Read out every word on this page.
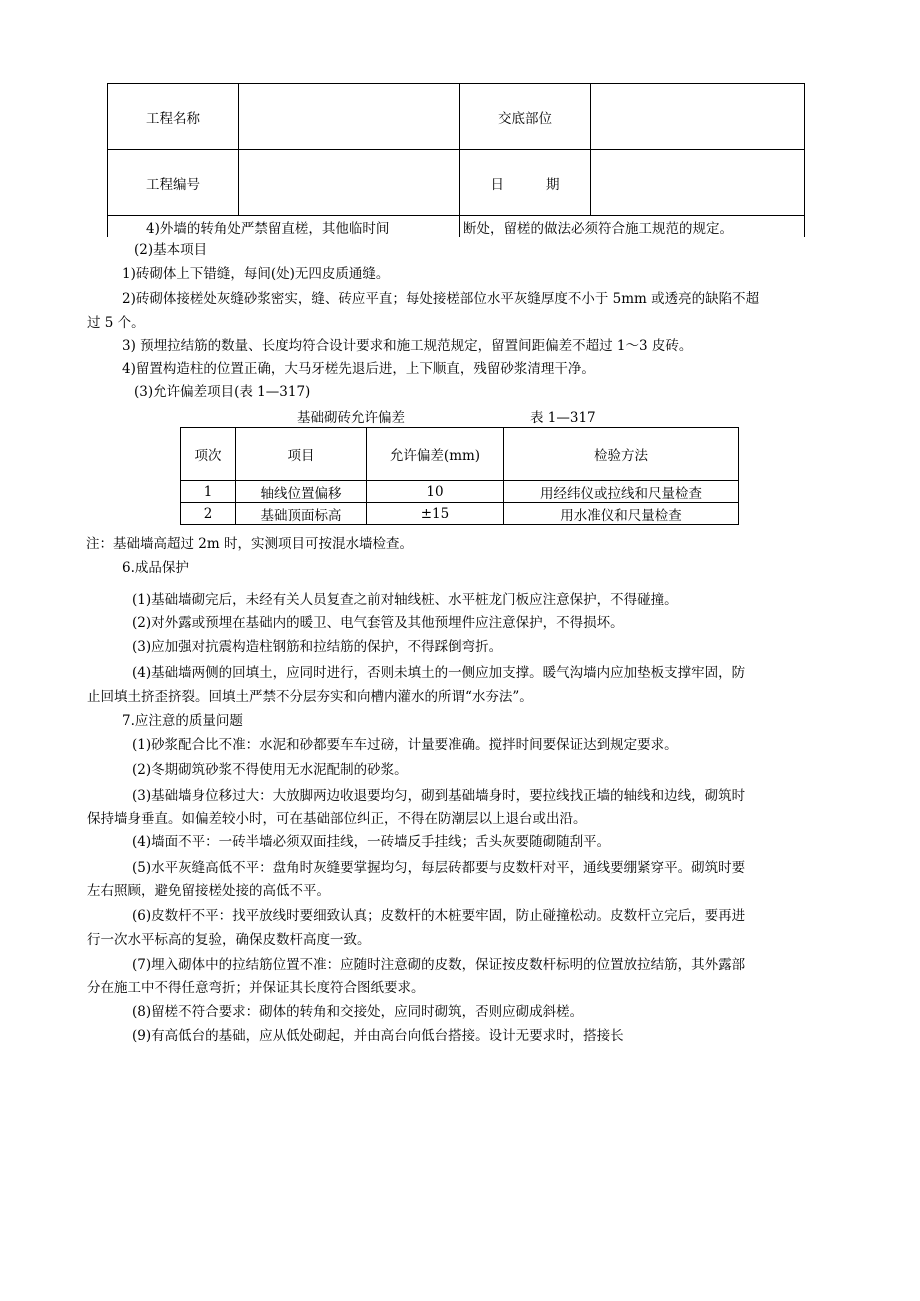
工程名称		交底部位	
工程编号		日 期	
4)外墙的转角处严禁留直槎，其他临时间		断处，留槎的做法必须符合施工规范的规定。	
(2)基本项目
1)砖砌体上下错缝，每间(处)无四皮质通缝。
2)砖砌体接槎处灰缝砂浆密实，缝、砖应平直；每处接槎部位水平灰缝厚度不小于 5mm 或透亮的缺陷不超
过 5 个。
3) 预埋拉结筋的数量、长度均符合设计要求和施工规范规定，留置间距偏差不超过 1～3 皮砖。
4)留置构造柱的位置正确，大马牙槎先退后进，上下顺直，残留砂浆清理干净。
(3)允许偏差项目(表 1—317)
基础砌砖允许偏差	表 1—317
项次	项目	允许偏差(mm)	检验方法
1	轴线位置偏移	10	用经纬仪或拉线和尺量检查
2	基础顶面标高	±15	用水准仪和尺量检查
注：基础墙高超过 2m 时，实测项目可按混水墙检查。
6.成品保护
(1)基础墙砌完后，未经有关人员复查之前对轴线桩、水平桩龙门板应注意保护，不得碰撞。
(2)对外露或预埋在基础内的暖卫、电气套管及其他预埋件应注意保护，不得损坏。
(3)应加强对抗震构造柱钢筋和拉结筋的保护，不得踩倒弯折。
(4)基础墙两侧的回填土，应同时进行，否则未填土的一侧应加支撑。暖气沟墙内应加垫板支撑牢固，防
止回填土挤歪挤裂。回填土严禁不分层夯实和向槽内灌水的所谓“水夯法”。
7.应注意的质量问题
(1)砂浆配合比不准：水泥和砂都要车车过磅，计量要准确。搅拌时间要保证达到规定要求。
(2)冬期砌筑砂浆不得使用无水泥配制的砂浆。
(3)基础墙身位移过大：大放脚两边收退要均匀，砌到基础墙身时，要拉线找正墙的轴线和边线，砌筑时
保持墙身垂直。如偏差较小时，可在基础部位纠正，不得在防潮层以上退台或出沿。
(4)墙面不平：一砖半墙必须双面挂线，一砖墙反手挂线；舌头灰要随砌随刮平。
(5)水平灰缝高低不平：盘角时灰缝要掌握均匀，每层砖都要与皮数杆对平，通线要绷紧穿平。砌筑时要
左右照顾，避免留接槎处接的高低不平。
(6)皮数杆不平：找平放线时要细致认真；皮数杆的木桩要牢固，防止碰撞松动。皮数杆立完后，要再进
行一次水平标高的复验，确保皮数杆高度一致。
(7)埋入砌体中的拉结筋位置不准：应随时注意砌的皮数，保证按皮数杆标明的位置放拉结筋，其外露部
分在施工中不得任意弯折；并保证其长度符合图纸要求。
(8)留槎不符合要求：砌体的转角和交接处，应同时砌筑，否则应砌成斜槎。
(9)有高低台的基础，应从低处砌起，并由高台向低台搭接。设计无要求时，搭接长
